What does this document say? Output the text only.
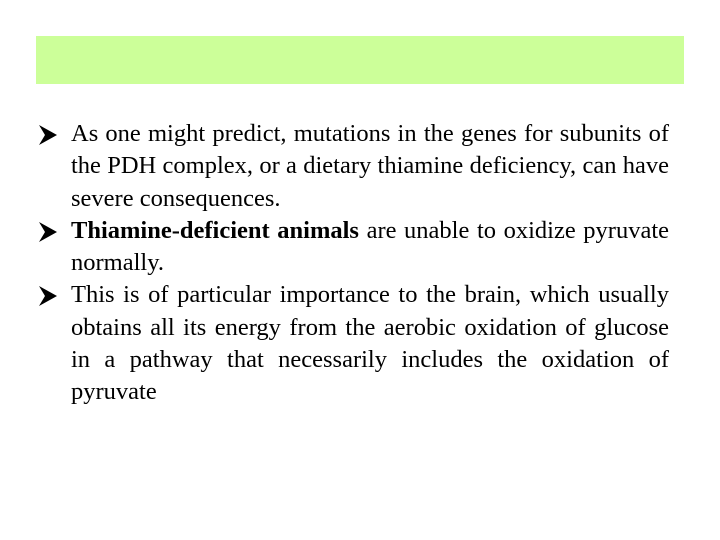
As one might predict, mutations in the genes for subunits of the PDH complex, or a dietary thiamine deficiency, can have severe consequences.
Thiamine-deficient animals are unable to oxidize pyruvate normally.
This is of particular importance to the brain, which usually obtains all its energy from the aerobic oxidation of glucose in a pathway that necessarily includes the oxidation of pyruvate
